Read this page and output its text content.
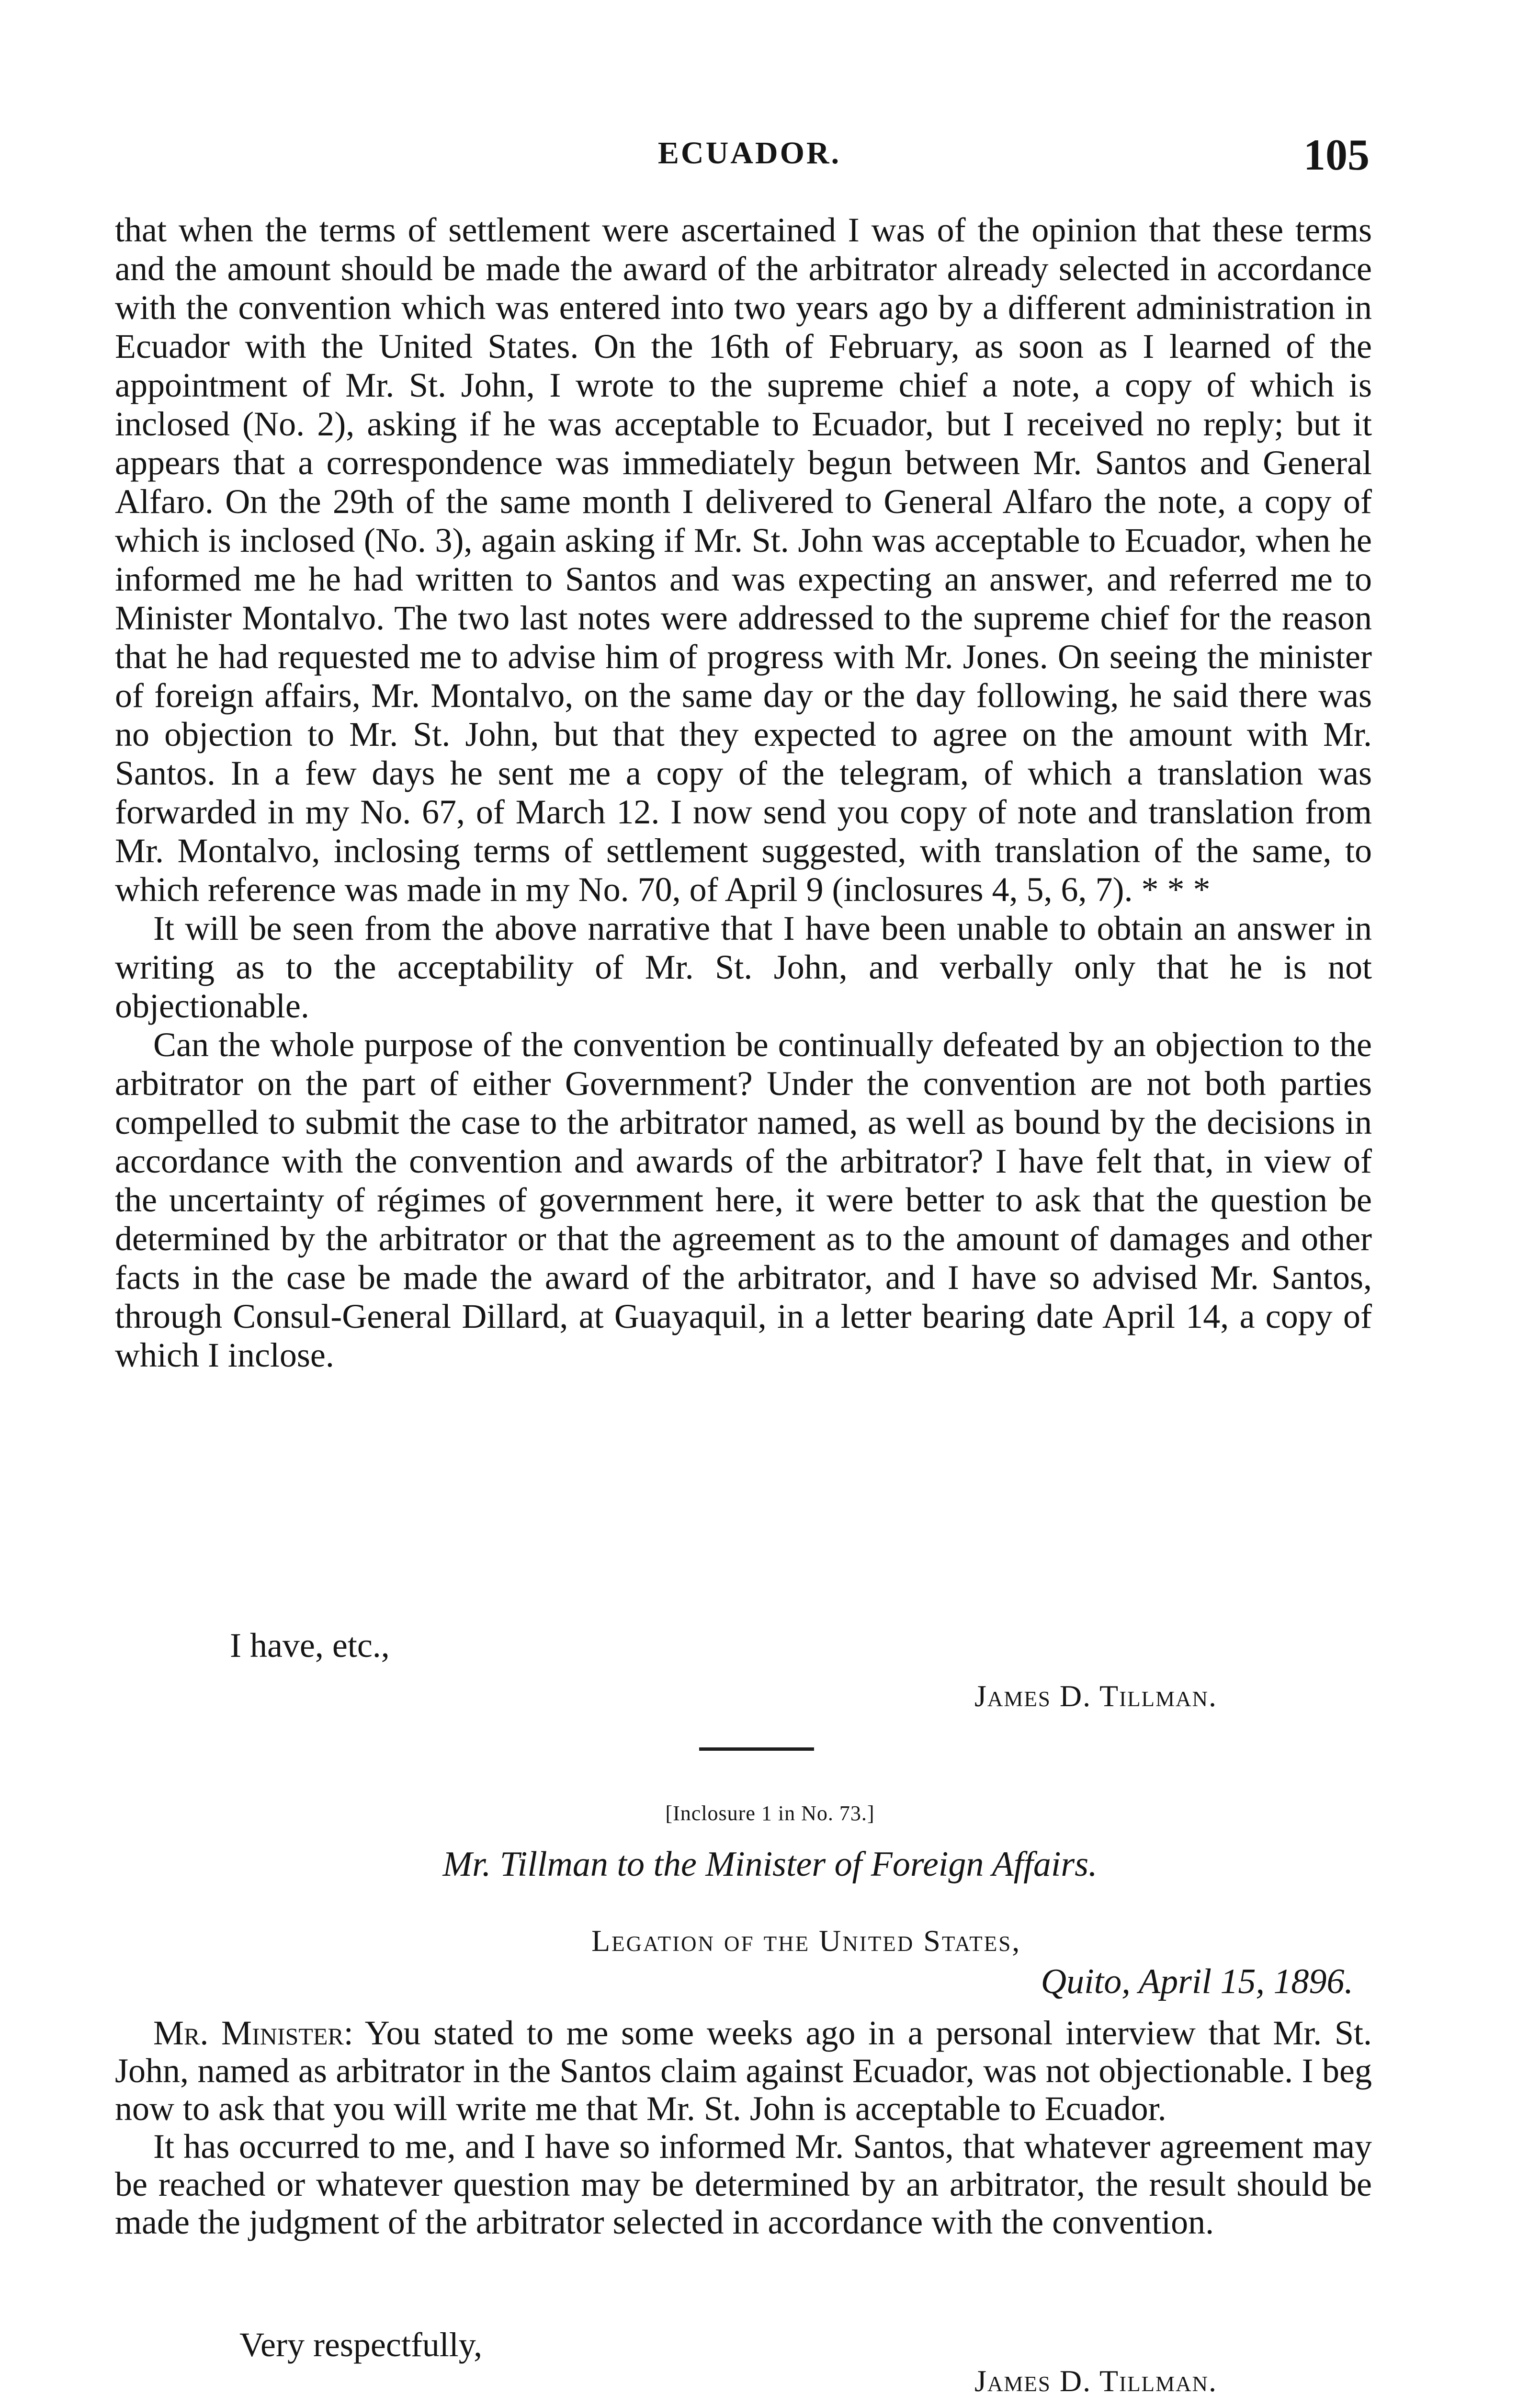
ECUADOR.	105

that when the terms of settlement were ascertained I was of the opinion that these terms and the amount should be made the award of the arbitrator already selected in accordance with the convention which was entered into two years ago by a different administration in Ecuador with the United States. On the 16th of February, as soon as I learned of the appointment of Mr. St. John, I wrote to the supreme chief a note, a copy of which is inclosed (No. 2), asking if he was acceptable to Ecuador, but I received no reply; but it appears that a correspondence was immediately begun between Mr. Santos and General Alfaro. On the 29th of the same month I delivered to General Alfaro the note, a copy of which is inclosed (No. 3), again asking if Mr. St. John was acceptable to Ecuador, when he informed me he had written to Santos and was expecting an answer, and referred me to Minister Montalvo. The two last notes were addressed to the supreme chief for the reason that he had requested me to advise him of progress with Mr. Jones. On seeing the minister of foreign affairs, Mr. Montalvo, on the same day or the day following, he said there was no objection to Mr. St. John, but that they expected to agree on the amount with Mr. Santos. In a few days he sent me a copy of the telegram, of which a translation was forwarded in my No. 67, of March 12. I now send you copy of note and translation from Mr. Montalvo, inclosing terms of settlement suggested, with translation of the same, to which reference was made in my No. 70, of April 9 (inclosures 4, 5, 6, 7). * * *

It will be seen from the above narrative that I have been unable to obtain an answer in writing as to the acceptability of Mr. St. John, and verbally only that he is not objectionable.

Can the whole purpose of the convention be continually defeated by an objection to the arbitrator on the part of either Government? Under the convention are not both parties compelled to submit the case to the arbitrator named, as well as bound by the decisions in accordance with the convention and awards of the arbitrator? I have felt that, in view of the uncertainty of régimes of government here, it were better to ask that the question be determined by the arbitrator or that the agreement as to the amount of damages and other facts in the case be made the award of the arbitrator, and I have so advised Mr. Santos, through Consul-General Dillard, at Guayaquil, in a letter bearing date April 14, a copy of which I inclose.

I have, etc.,
James D. Tillman.
[Inclosure 1 in No. 73.]
Mr. Tillman to the Minister of Foreign Affairs.
Legation of the United States,
Quito, April 15, 1896.

Mr. Minister: You stated to me some weeks ago in a personal interview that Mr. St. John, named as arbitrator in the Santos claim against Ecuador, was not objectionable. I beg now to ask that you will write me that Mr. St. John is acceptable to Ecuador.

It has occurred to me, and I have so informed Mr. Santos, that whatever agreement may be reached or whatever question may be determined by an arbitrator, the result should be made the judgment of the arbitrator selected in accordance with the convention.

Very respectfully,
James D. Tillman.
